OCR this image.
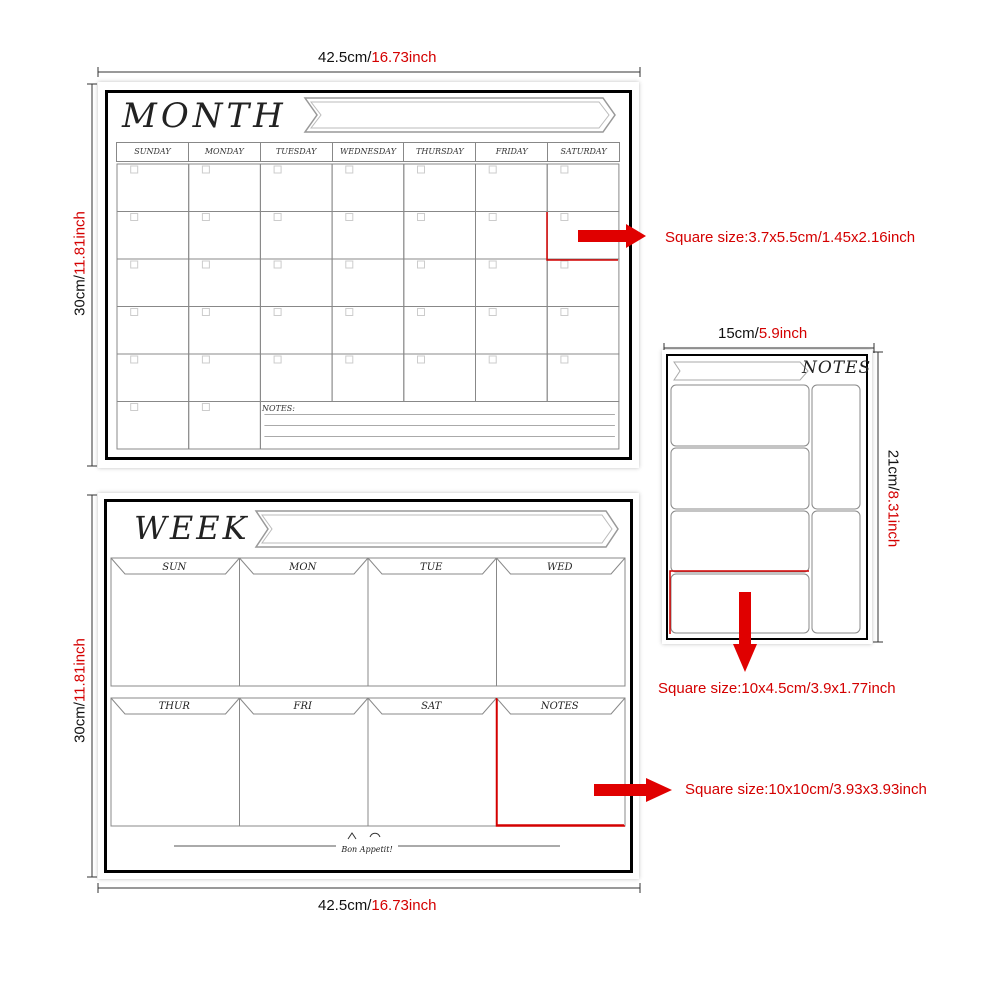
42.5cm/16.73inch
30cm/11.81inch
MONTH
SUNDAY	MONDAY	TUESDAY	WEDNESDAY	THURSDAY	FRIDAY	SATURDAY
NOTES:
Square size:3.7x5.5cm/1.45x2.16inch
30cm/11.81inch
WEEK
SUN	MON	TUE	WED
THUR	FRI	SAT	NOTES
Bon Appetit!
42.5cm/16.73inch
Square size:10x10cm/3.93x3.93inch
15cm/5.9inch
21cm/8.31inch
NOTES
Square size:10x4.5cm/3.9x1.77inch
